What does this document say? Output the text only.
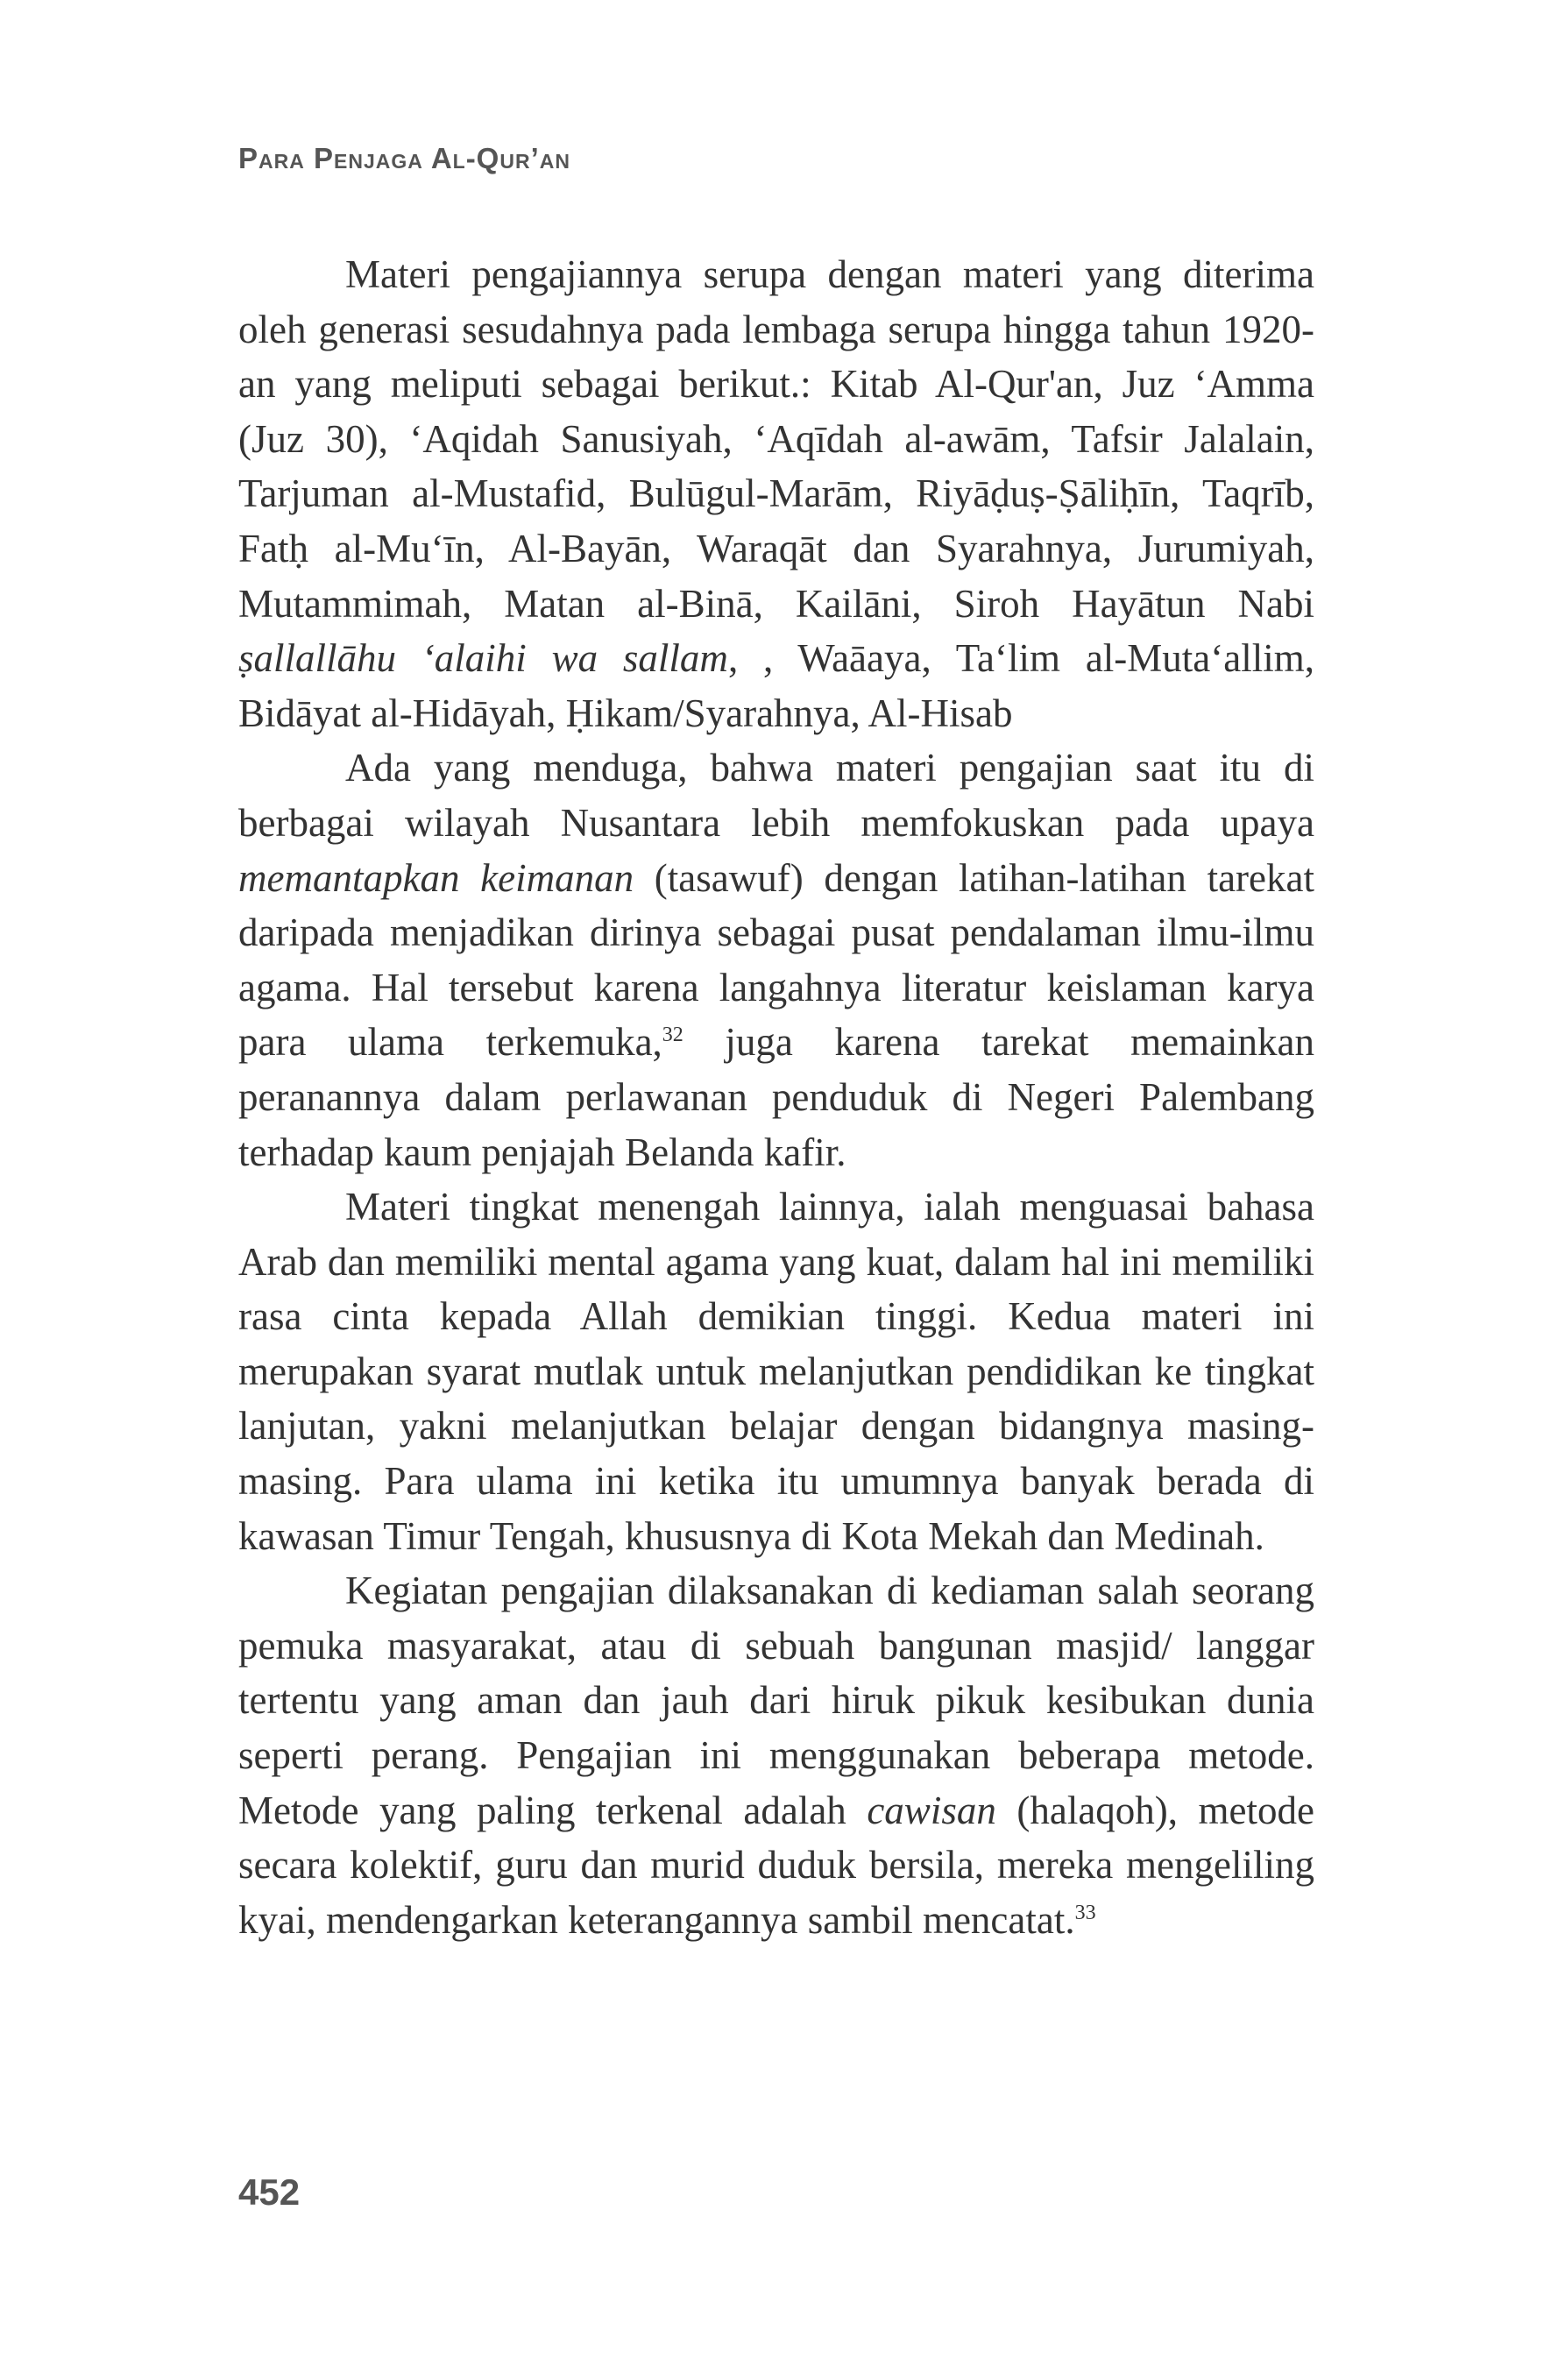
Para Penjaga Al-Qur’an

Materi pengajiannya serupa dengan materi yang diterima oleh generasi sesudahnya pada lembaga serupa hingga tahun 1920-an yang meliputi sebagai berikut.: Kitab Al-Qur'an, Juz ‘Amma (Juz 30), ‘Aqidah Sanusiyah, ‘Aqīdah al-awām, Tafsir Jalalain, Tarjuman al-Mustafid, Bulūgul-Marām, Riyāḍuṣ-Ṣāliḥīn, Taqrīb, Fatḥ al-Mu‘īn, Al-Bayān, Waraqāt dan Syarahnya, Jurumiyah, Mutammimah, Matan al-Binā, Kailāni, Siroh Hayātun Nabi ṣallallāhu ‘alaihi wa sallam, , Waāaya, Ta‘lim al-Muta‘allim, Bidāyat al-Hidāyah, Ḥikam/Syarahnya, Al-Hisab

Ada yang menduga, bahwa materi pengajian saat itu di berbagai wilayah Nusantara lebih memfokuskan pada upaya memantapkan keimanan (tasawuf) dengan latihan-latihan tarekat daripada menjadikan dirinya sebagai pusat pendalaman ilmu-ilmu agama. Hal tersebut karena langahnya literatur keislaman karya para ulama terkemuka,$^{32}$ juga karena tarekat memainkan peranannya dalam perlawanan penduduk di Negeri Palembang terhadap kaum penjajah Belanda kafir.

Materi tingkat menengah lainnya, ialah menguasai bahasa Arab dan memiliki mental agama yang kuat, dalam hal ini memiliki rasa cinta kepada Allah demikian tinggi. Kedua materi ini merupakan syarat mutlak untuk melanjutkan pendidikan ke tingkat lanjutan, yakni melanjutkan belajar dengan bidangnya masing-masing. Para ulama ini ketika itu umumnya banyak berada di kawasan Timur Tengah, khususnya di Kota Mekah dan Medinah.

Kegiatan pengajian dilaksanakan di kediaman salah seorang pemuka masyarakat, atau di sebuah bangunan masjid/ langgar tertentu yang aman dan jauh dari hiruk pikuk kesibukan dunia seperti perang. Pengajian ini menggunakan beberapa metode. Metode yang paling terkenal adalah cawisan (halaqoh), metode secara kolektif, guru dan murid duduk bersila, mereka mengeliling kyai, mendengarkan keterangannya sambil mencatat.$^{33}$

452
